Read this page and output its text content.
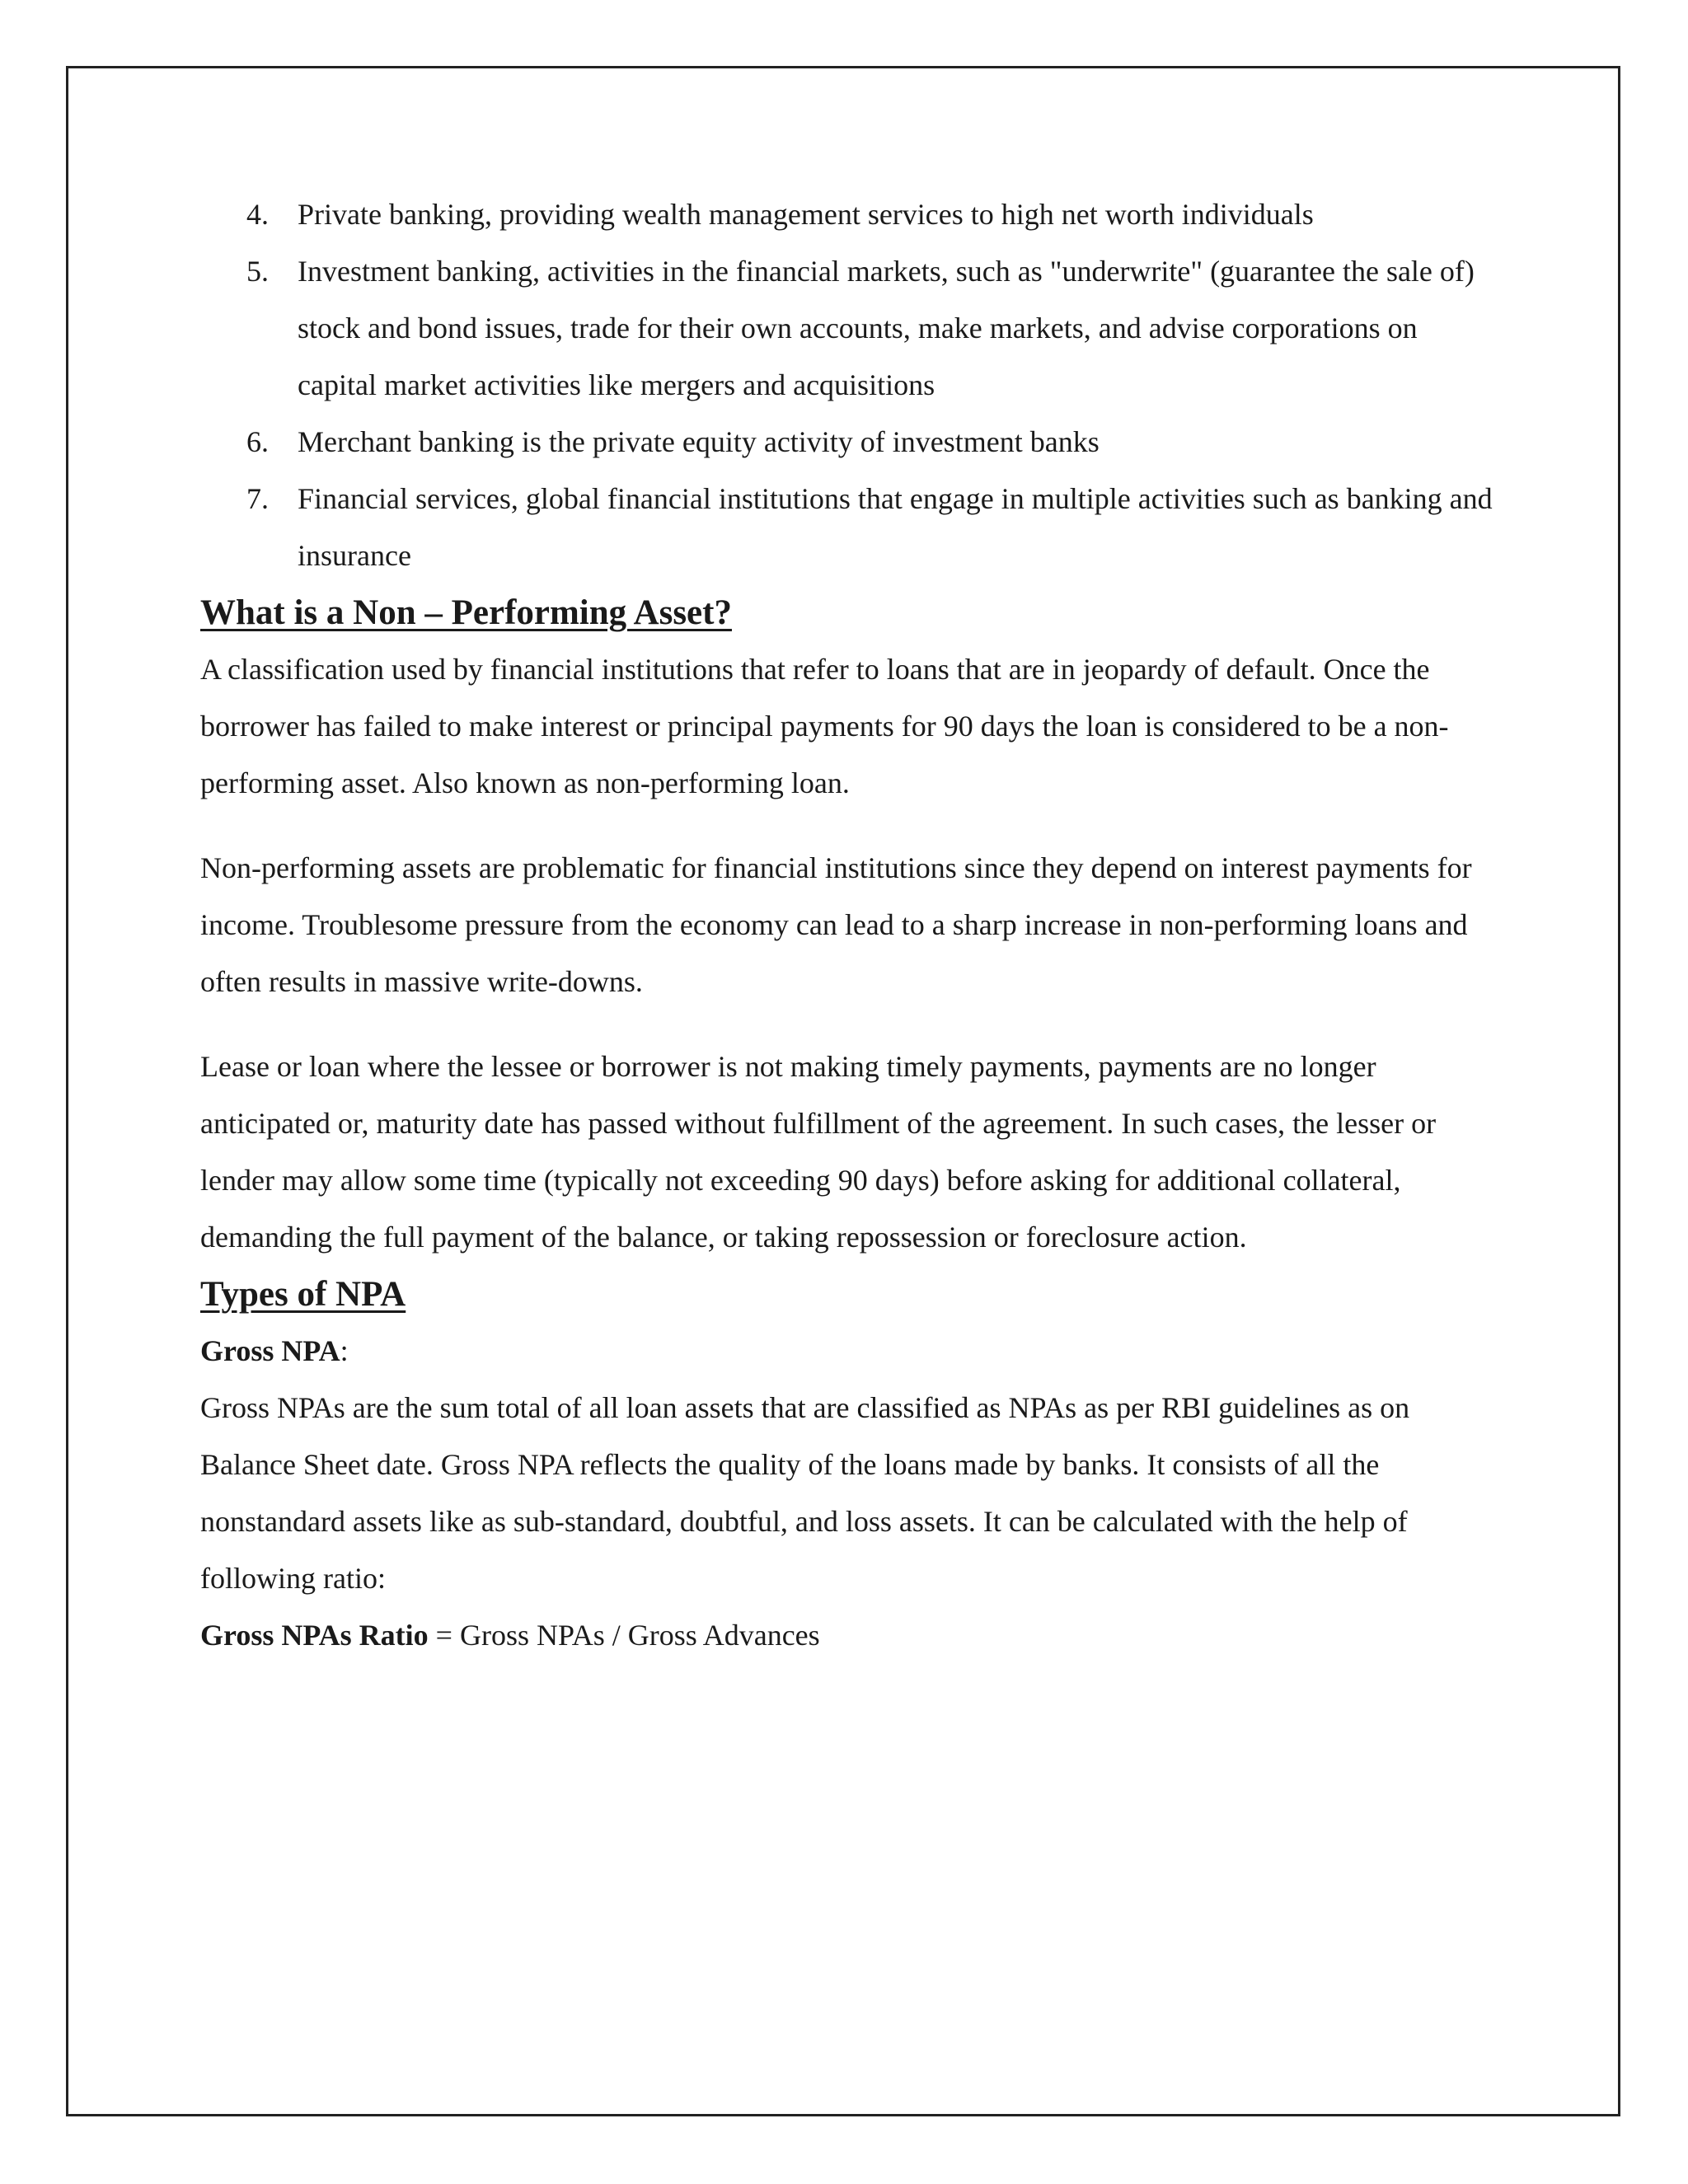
4. Private banking, providing wealth management services to high net worth individuals
5. Investment banking, activities in the financial markets, such as "underwrite" (guarantee the sale of) stock and bond issues, trade for their own accounts, make markets, and advise corporations on capital market activities like mergers and acquisitions
6. Merchant banking is the private equity activity of investment banks
7. Financial services, global financial institutions that engage in multiple activities such as banking and insurance
What is a Non – Performing Asset?

A classification used by financial institutions that refer to loans that are in jeopardy of default. Once the borrower has failed to make interest or principal payments for 90 days the loan is considered to be a non-performing asset. Also known as non-performing loan.

Non-performing assets are problematic for financial institutions since they depend on interest payments for income. Troublesome pressure from the economy can lead to a sharp increase in non-performing loans and often results in massive write-downs.

Lease or loan where the lessee or borrower is not making timely payments, payments are no longer anticipated or, maturity date has passed without fulfillment of the agreement. In such cases, the lesser or lender may allow some time (typically not exceeding 90 days) before asking for additional collateral, demanding the full payment of the balance, or taking repossession or foreclosure action.

Types of NPA
Gross NPA:

Gross NPAs are the sum total of all loan assets that are classified as NPAs as per RBI guidelines as on Balance Sheet date. Gross NPA reflects the quality of the loans made by banks. It consists of all the nonstandard assets like as sub-standard, doubtful, and loss assets. It can be calculated with the help of following ratio:

Gross NPAs Ratio = Gross NPAs / Gross Advances
